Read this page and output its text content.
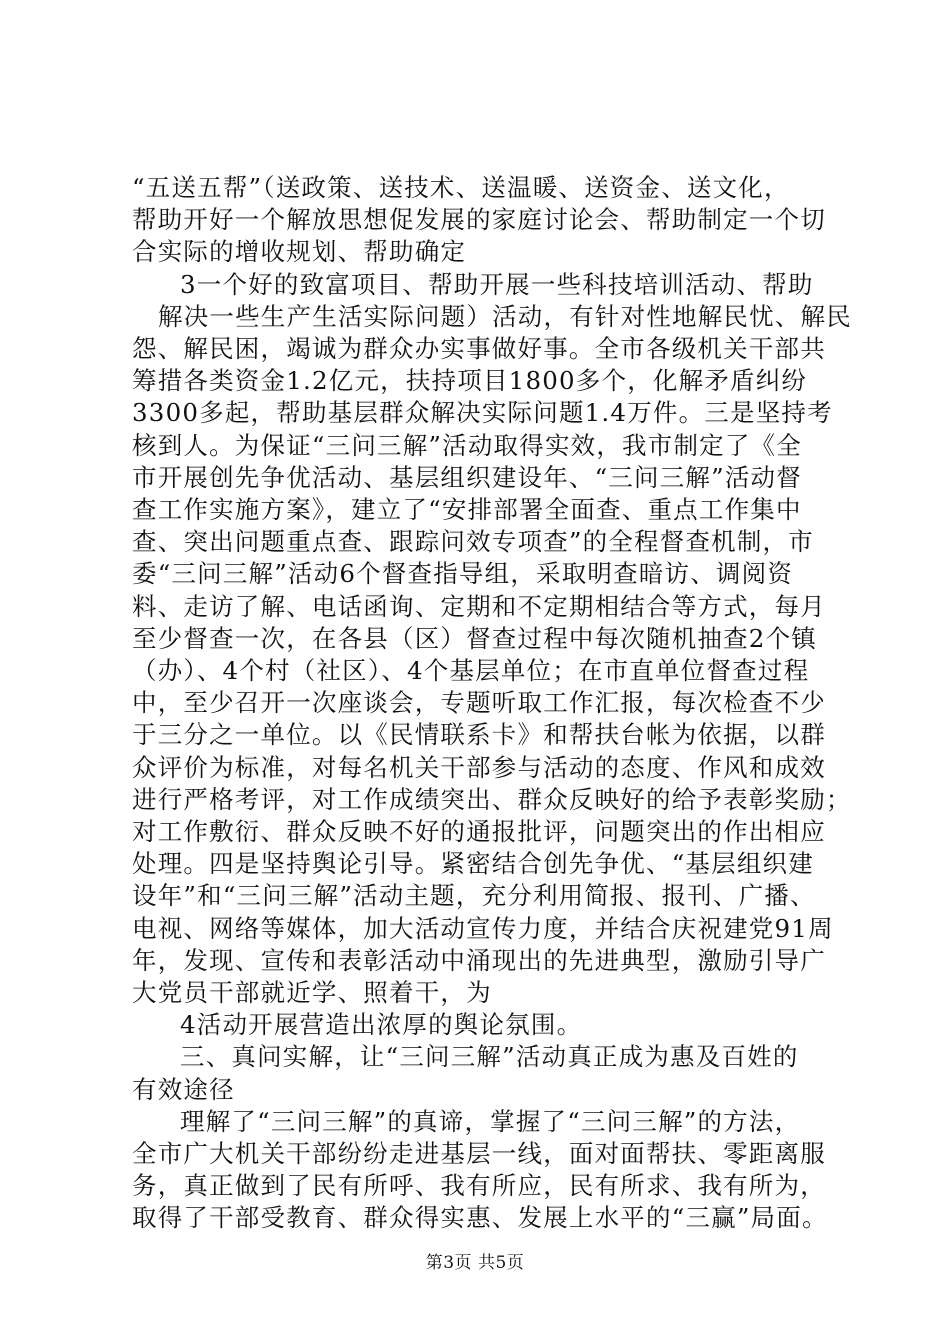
“五送五帮”（送政策、送技术、送温暖、送资金、送文化，
帮助开好一个解放思想促发展的家庭讨论会、帮助制定一个切
合实际的增收规划、帮助确定
3一个好的致富项目、帮助开展一些科技培训活动、帮助
解决一些生产生活实际问题）活动，有针对性地解民忧、解民
怨、解民困，竭诚为群众办实事做好事。全市各级机关干部共
筹措各类资金1.2亿元，扶持项目1800多个，化解矛盾纠纷
3300多起，帮助基层群众解决实际问题1.4万件。三是坚持考
核到人。为保证“三问三解”活动取得实效，我市制定了《全
市开展创先争优活动、基层组织建设年、“三问三解”活动督
查工作实施方案》，建立了“安排部署全面查、重点工作集中
查、突出问题重点查、跟踪问效专项查”的全程督查机制，市
委“三问三解”活动6个督查指导组，采取明查暗访、调阅资
料、走访了解、电话函询、定期和不定期相结合等方式，每月
至少督查一次，在各县（区）督查过程中每次随机抽查2个镇
（办）、4个村（社区）、4个基层单位；在市直单位督查过程
中，至少召开一次座谈会，专题听取工作汇报，每次检查不少
于三分之一单位。以《民情联系卡》和帮扶台帐为依据，以群
众评价为标准，对每名机关干部参与活动的态度、作风和成效
进行严格考评，对工作成绩突出、群众反映好的给予表彰奖励；
对工作敷衍、群众反映不好的通报批评，问题突出的作出相应
处理。四是坚持舆论引导。紧密结合创先争优、“基层组织建
设年”和“三问三解”活动主题，充分利用简报、报刊、广播、
电视、网络等媒体，加大活动宣传力度，并结合庆祝建党91周
年，发现、宣传和表彰活动中涌现出的先进典型，激励引导广
大党员干部就近学、照着干，为
4活动开展营造出浓厚的舆论氛围。
三、真问实解，让“三问三解”活动真正成为惠及百姓的
有效途径
理解了“三问三解”的真谛，掌握了“三问三解”的方法，
全市广大机关干部纷纷走进基层一线，面对面帮扶、零距离服
务，真正做到了民有所呼、我有所应，民有所求、我有所为，
取得了干部受教育、群众得实惠、发展上水平的“三赢”局面。
第3页 共5页
